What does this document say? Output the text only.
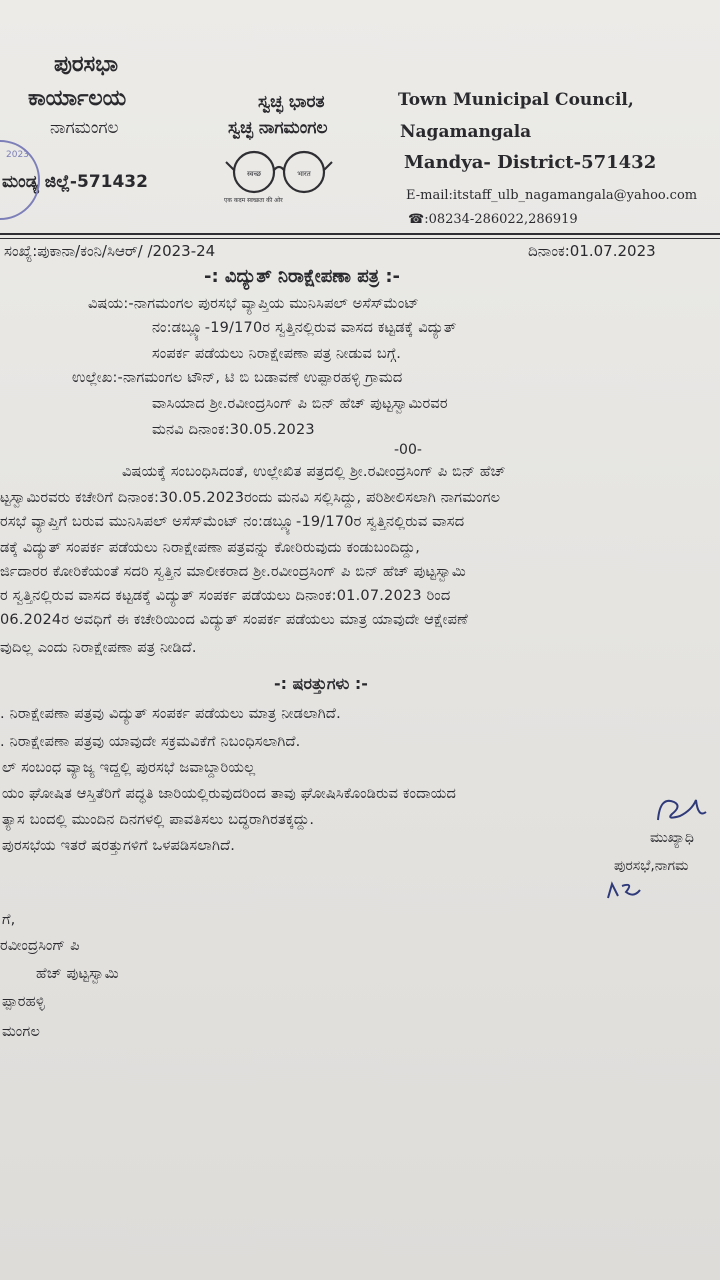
ಪುರಸಭಾ
ಕಾರ್ಯಾಲಯ
ನಾಗಮಂಗಲ
ಮಂಡ್ಯ ಜಿಲ್ಲೆ-571432
2023
ಸ್ವಚ್ಛ ಭಾರತ
ಸ್ವಚ್ಛ ನಾಗಮಂಗಲ
स्वच्छ	भारत
एक कदम स्वच्छता की ओर
Town Municipal Council,
Nagamangala
Mandya- District-571432
E-mail:itstaff_ulb_nagamangala@yahoo.com
☎:08234-286022,286919
ಸಂಖ್ಯೆ:ಪುಕಾನಾ/ಕಂನಿ/ಸಿಆರ್/ /2023-24	ದಿನಾಂಕ:01.07.2023
-: ವಿದ್ಯುತ್ ನಿರಾಕ್ಷೇಪಣಾ ಪತ್ರ :-
ವಿಷಯ:-ನಾಗಮಂಗಲ ಪುರಸಭೆ ವ್ಯಾಪ್ತಿಯ ಮುನಿಸಿಪಲ್ ಅಸೆಸ್‌ಮೆಂಟ್
ನಂ:ಡಬ್ಲ್ಯೂ-19/170ರ ಸ್ವತ್ತಿನಲ್ಲಿರುವ ವಾಸದ ಕಟ್ಟಡಕ್ಕೆ ವಿದ್ಯುತ್
ಸಂಪರ್ಕ ಪಡೆಯಲು ನಿರಾಕ್ಷೇಪಣಾ ಪತ್ರ ನೀಡುವ ಬಗ್ಗೆ.
ಉಲ್ಲೇಖ:-ನಾಗಮಂಗಲ ಟೌನ್, ಟಿ ಬಿ ಬಡಾವಣೆ ಉಪ್ಪಾರಹಳ್ಳಿ ಗ್ರಾಮದ
ವಾಸಿಯಾದ ಶ್ರೀ.ರವೀಂದ್ರಸಿಂಗ್ ಪಿ ಬಿನ್ ಹೆಚ್ ಪುಟ್ಟಸ್ವಾಮಿರವರ
ಮನವಿ ದಿನಾಂಕ:30.05.2023
-00-
ವಿಷಯಕ್ಕೆ ಸಂಬಂಧಿಸಿದಂತೆ, ಉಲ್ಲೇಖಿತ ಪತ್ರದಲ್ಲಿ ಶ್ರೀ.ರವೀಂದ್ರಸಿಂಗ್ ಪಿ ಬಿನ್ ಹೆಚ್
ಟ್ಟಸ್ವಾಮಿರವರು ಕಚೇರಿಗೆ ದಿನಾಂಕ:30.05.2023ರಂದು ಮನವಿ ಸಲ್ಲಿಸಿದ್ದು, ಪರಿಶೀಲಿಸಲಾಗಿ ನಾಗಮಂಗಲ
ರಸಭೆ ವ್ಯಾಪ್ತಿಗೆ ಬರುವ ಮುನಿಸಿಪಲ್ ಅಸೆಸ್‌ಮೆಂಟ್ ನಂ:ಡಬ್ಲ್ಯೂ-19/170ರ ಸ್ವತ್ತಿನಲ್ಲಿರುವ ವಾಸದ
ಡಕ್ಕೆ ವಿದ್ಯುತ್ ಸಂಪರ್ಕ ಪಡೆಯಲು ನಿರಾಕ್ಷೇಪಣಾ ಪತ್ರವನ್ನು ಕೋರಿರುವುದು ಕಂಡುಬಂದಿದ್ದು,
ರ್ಜಿದಾರರ ಕೋರಿಕೆಯಂತೆ ಸದರಿ ಸ್ವತ್ತಿನ ಮಾಲೀಕರಾದ ಶ್ರೀ.ರವೀಂದ್ರಸಿಂಗ್ ಪಿ ಬಿನ್ ಹೆಚ್ ಪುಟ್ಟಸ್ವಾಮಿ
ರ ಸ್ವತ್ತಿನಲ್ಲಿರುವ ವಾಸದ ಕಟ್ಟಡಕ್ಕೆ ವಿದ್ಯುತ್ ಸಂಪರ್ಕ ಪಡೆಯಲು ದಿನಾಂಕ:01.07.2023 ರಿಂದ
06.2024ರ ಅವಧಿಗೆ ಈ ಕಚೇರಿಯಿಂದ ವಿದ್ಯುತ್ ಸಂಪರ್ಕ ಪಡೆಯಲು ಮಾತ್ರ ಯಾವುದೇ ಆಕ್ಷೇಪಣೆ
ವುದಿಲ್ಲ ಎಂದು ನಿರಾಕ್ಷೇಪಣಾ ಪತ್ರ ನೀಡಿದೆ.
-: ಷರತ್ತುಗಳು :-
. ನಿರಾಕ್ಷೇಪಣಾ ಪತ್ರವು ವಿದ್ಯುತ್ ಸಂಪರ್ಕ ಪಡೆಯಲು ಮಾತ್ರ ನೀಡಲಾಗಿದೆ.
. ನಿರಾಕ್ಷೇಪಣಾ ಪತ್ರವು ಯಾವುದೇ ಸಕ್ರಮವಿಕೆಗೆ ನಿಬಂಧಿಸಲಾಗಿದೆ.
ಲ್ ಸಂಬಂಧ ವ್ಯಾಜ್ಯ ಇದ್ದಲ್ಲಿ ಪುರಸಭೆ ಜವಾಬ್ದಾರಿಯಲ್ಲ
ಯಂ ಘೋಷಿತ ಆಸ್ತಿತೆರಿಗೆ ಪದ್ಧತಿ ಜಾರಿಯಲ್ಲಿರುವುದರಿಂದ ತಾವು ಘೋಷಿಸಿಕೊಂಡಿರುವ ಕಂದಾಯದ
ತ್ಯಾಸ ಬಂದಲ್ಲಿ ಮುಂದಿನ ದಿನಗಳಲ್ಲಿ ಪಾವತಿಸಲು ಬದ್ಧರಾಗಿರತಕ್ಕದ್ದು.
ಪುರಸಭೆಯ ಇತರೆ ಷರತ್ತುಗಳಿಗೆ ಒಳಪಡಿಸಲಾಗಿದೆ.	ಮುಖ್ಯಾಧಿ
ಪುರಸಭೆ,ನಾಗಮ
ಗೆ,
ರವೀಂದ್ರಸಿಂಗ್ ಪಿ
ಹೆಚ್ ಪುಟ್ಟಸ್ವಾಮಿ
ಪ್ಪಾರಹಳ್ಳಿ
ಮಂಗಲ
